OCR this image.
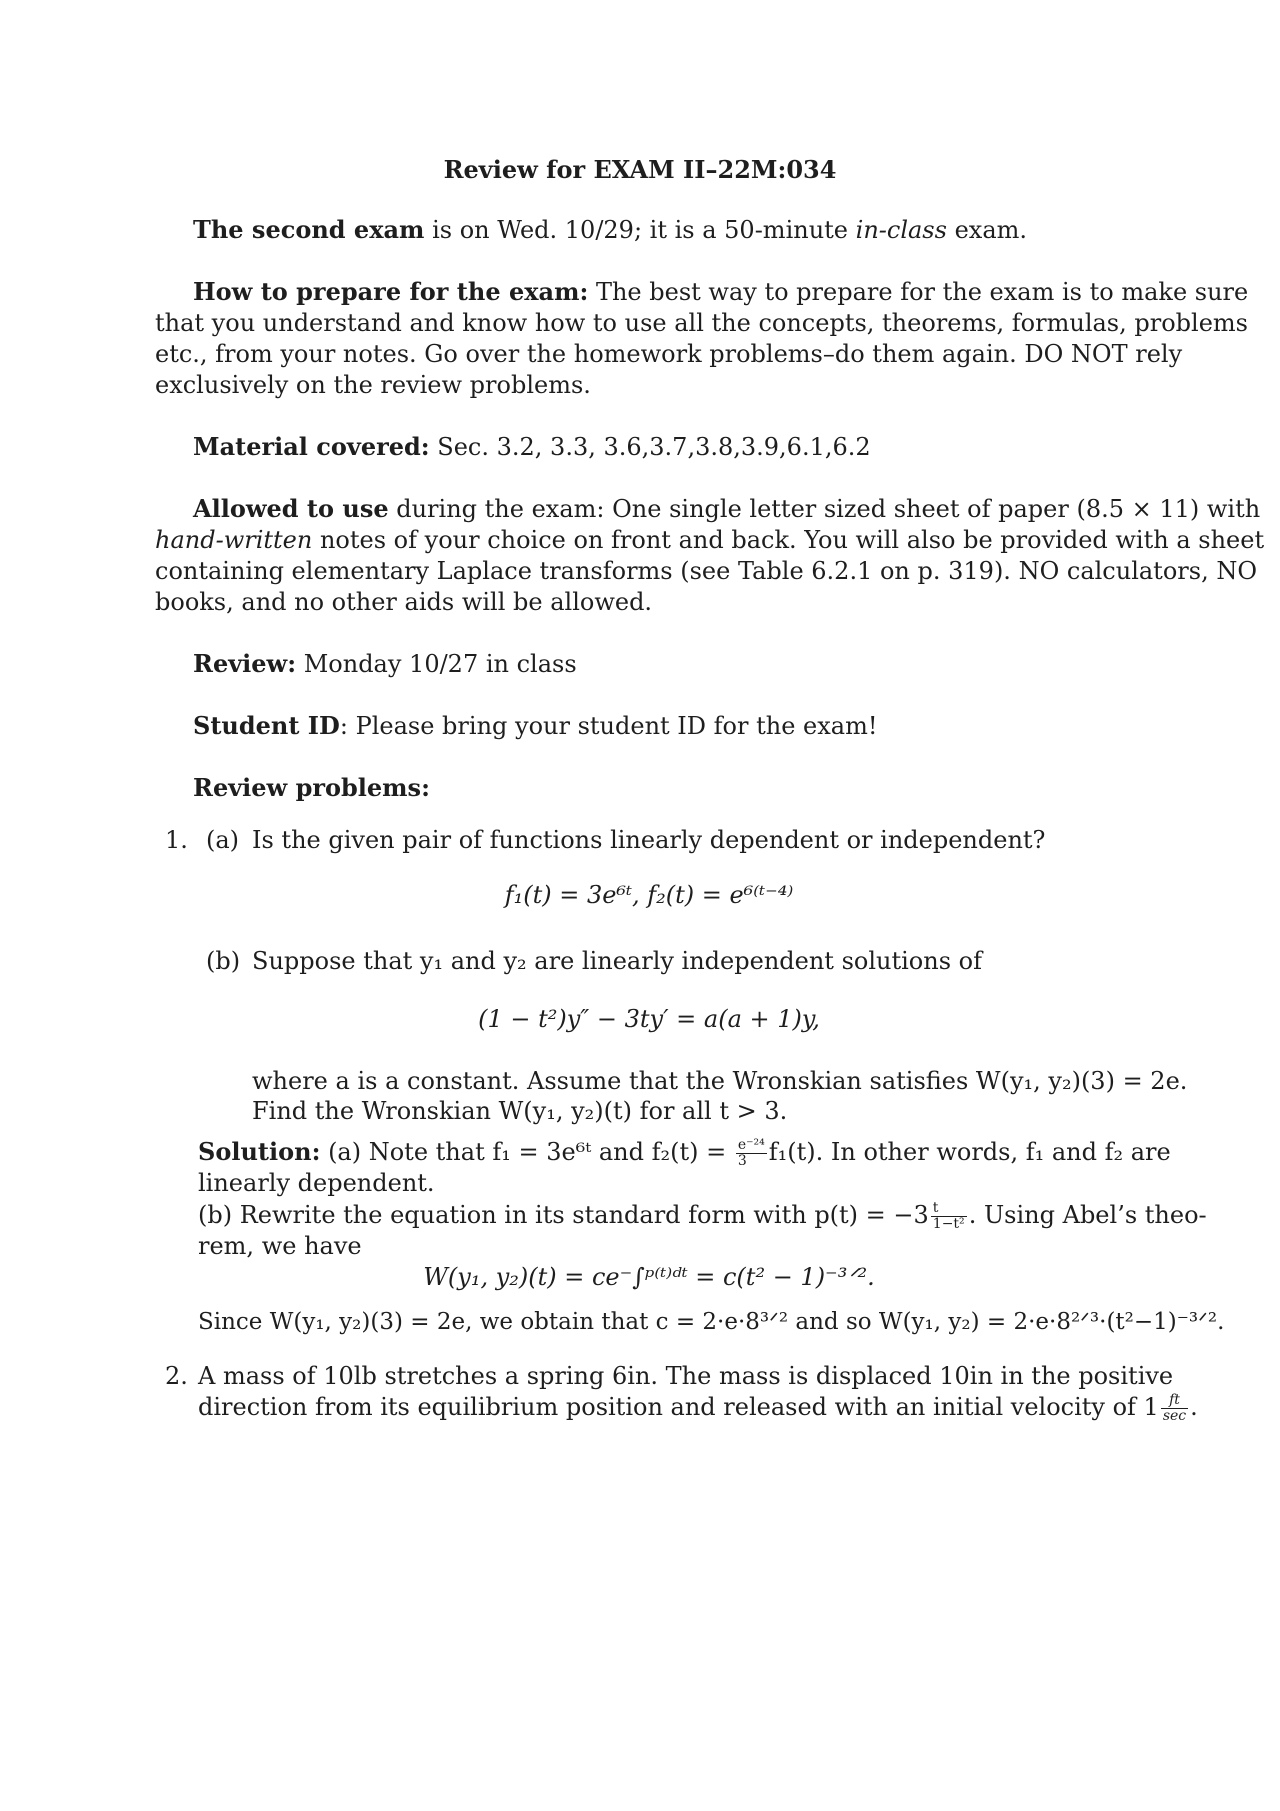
Review for EXAM II–22M:034
The second exam is on Wed. 10/29; it is a 50-minute in-class exam.
How to prepare for the exam: The best way to prepare for the exam is to make sure
that you understand and know how to use all the concepts, theorems, formulas, problems
etc., from your notes. Go over the homework problems–do them again. DO NOT rely
exclusively on the review problems.
Material covered: Sec. 3.2, 3.3, 3.6,3.7,3.8,3.9,6.1,6.2
Allowed to use during the exam: One single letter sized sheet of paper (8.5 × 11) with
hand-written notes of your choice on front and back. You will also be provided with a sheet
containing elementary Laplace transforms (see Table 6.2.1 on p. 319). NO calculators, NO
books, and no other aids will be allowed.
Review: Monday 10/27 in class
Student ID: Please bring your student ID for the exam!
Review problems:
1. (a) Is the given pair of functions linearly dependent or independent?
f₁(t) = 3e⁶ᵗ, f₂(t) = e⁶⁽ᵗ⁻⁴⁾
(b) Suppose that y₁ and y₂ are linearly independent solutions of
(1 − t²)y″ − 3ty′ = a(a + 1)y,
where a is a constant. Assume that the Wronskian satisfies W(y₁, y₂)(3) = 2e.
Find the Wronskian W(y₁, y₂)(t) for all t > 3.
Solution: (a) Note that f₁ = 3e⁶ᵗ and $f_2(t) = \frac{\text{e⁻²⁴}}{3} f_1(t)$. In other words, f₁ and f₂ are
linearly dependent.
(b) Rewrite the equation in its standard form with $p(t) = -3 \frac{t}{\text{1−t²}}$ . Using Abel’s theo-
rem, we have
W(y₁, y₂)(t) = ce⁻∫ᵖ⁽ᵗ⁾ᵈᵗ = c(t² − 1)⁻³ᐟ².
Since W(y₁, y₂)(3) = 2e, we obtain that c = 2·e·8³ᐟ² and so W(y₁, y₂) = 2·e·8²ᐟ³·(t²−1)⁻³ᐟ².
2. A mass of 10lb stretches a spring 6in. The mass is displaced 10in in the positive
direction from its equilibrium position and released with an initial velocity of $1 \frac{ft}{\sec}$ .
